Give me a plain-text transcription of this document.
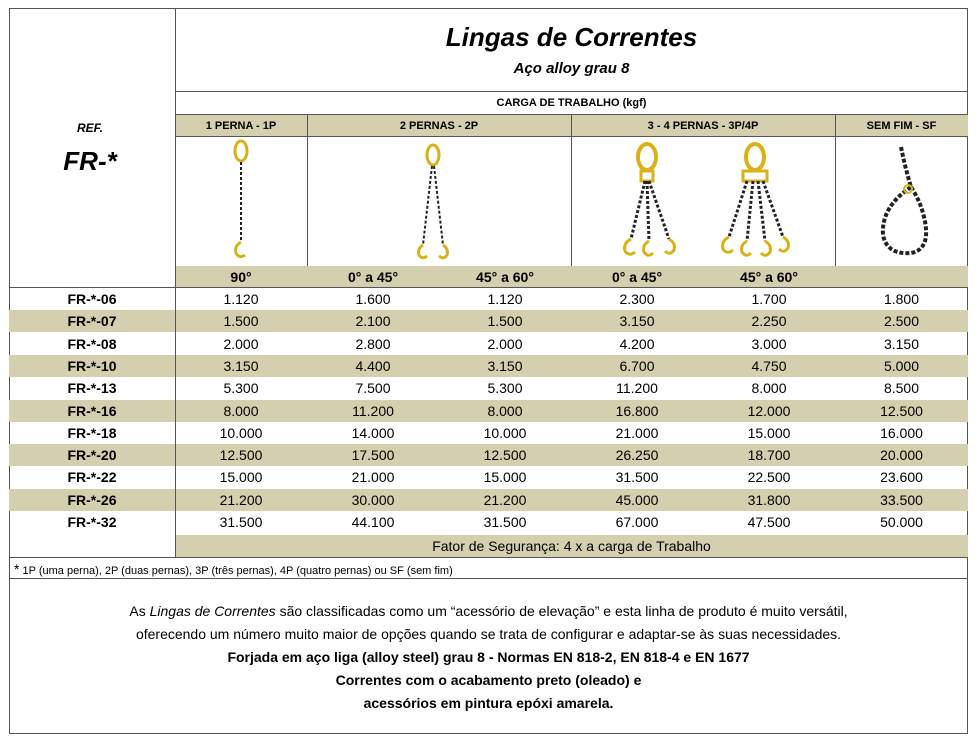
Lingas de Correntes
Aço alloy grau 8
REF.
FR-*
CARGA DE TRABALHO (kgf)
1 PERNA - 1P	2 PERNAS - 2P	3 - 4 PERNAS - 3P/4P	SEM FIM - SF
90°	0° a 45°	45° a 60°	0° a 45°	45° a 60°
FR-*-06	1.120	1.600	1.120	2.300	1.700	1.800
FR-*-07	1.500	2.100	1.500	3.150	2.250	2.500
FR-*-08	2.000	2.800	2.000	4.200	3.000	3.150
FR-*-10	3.150	4.400	3.150	6.700	4.750	5.000
FR-*-13	5.300	7.500	5.300	11.200	8.000	8.500
FR-*-16	8.000	11.200	8.000	16.800	12.000	12.500
FR-*-18	10.000	14.000	10.000	21.000	15.000	16.000
FR-*-20	12.500	17.500	12.500	26.250	18.700	20.000
FR-*-22	15.000	21.000	15.000	31.500	22.500	23.600
FR-*-26	21.200	30.000	21.200	45.000	31.800	33.500
FR-*-32	31.500	44.100	31.500	67.000	47.500	50.000
Fator de Segurança: 4 x a carga de Trabalho
* 1P (uma perna), 2P (duas pernas), 3P (três pernas), 4P (quatro pernas) ou SF (sem fim)
As Lingas de Correntes são classificadas como um “acessório de elevação” e esta linha de produto é muito versátil,
oferecendo um número muito maior de opções quando se trata de configurar e adaptar-se às suas necessidades.
Forjada em aço liga (alloy steel) grau 8 - Normas EN 818-2, EN 818-4 e EN 1677
Correntes com o acabamento preto (oleado) e
acessórios em pintura epóxi amarela.
